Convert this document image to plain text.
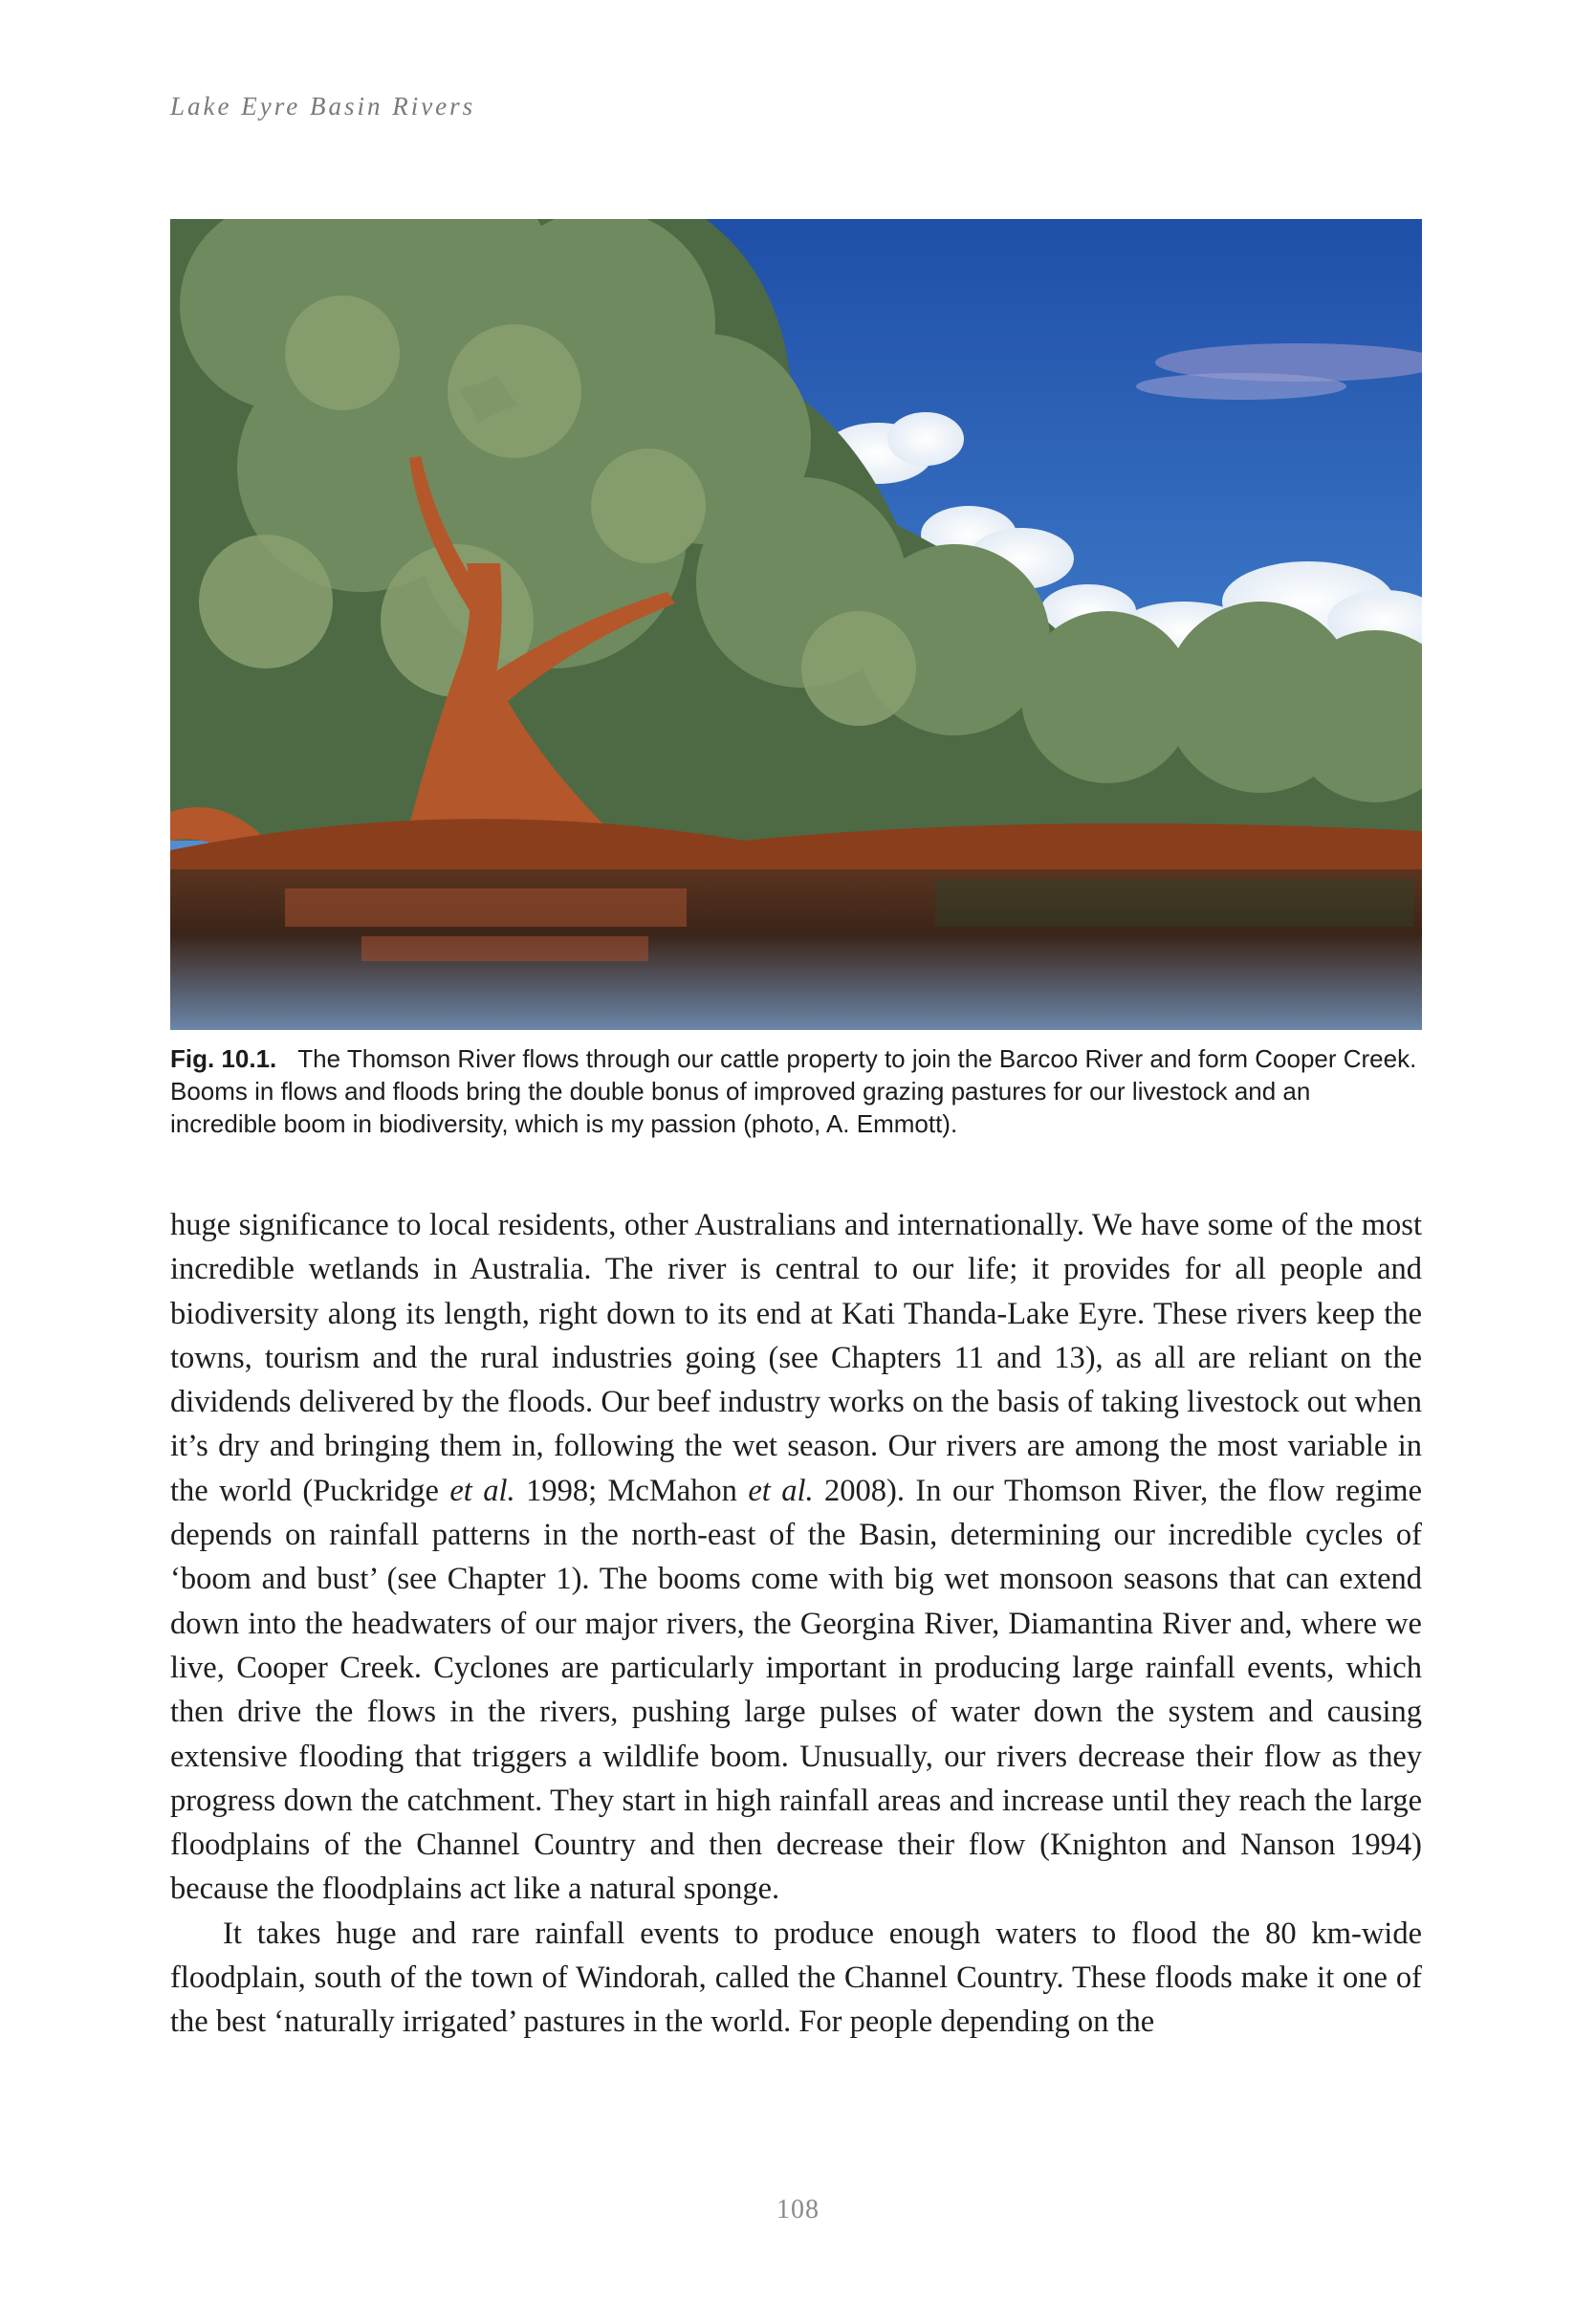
Lake Eyre Basin Rivers
Fig. 10.1. The Thomson River flows through our cattle property to join the Barcoo River and form Cooper Creek. Booms in flows and floods bring the double bonus of improved grazing pastures for our livestock and an incredible boom in biodiversity, which is my passion (photo, A. Emmott).

huge significance to local residents, other Australians and internationally. We have some of the most incredible wetlands in Australia. The river is central to our life; it provides for all people and biodiversity along its length, right down to its end at Kati Thanda-Lake Eyre. These rivers keep the towns, tourism and the rural industries going (see Chapters 11 and 13), as all are reliant on the dividends delivered by the floods. Our beef industry works on the basis of taking livestock out when it’s dry and bringing them in, following the wet season. Our rivers are among the most variable in the world (Puckridge et al. 1998; McMahon et al. 2008). In our Thomson River, the flow regime depends on rainfall patterns in the north-east of the Basin, determining our incredible cycles of ‘boom and bust’ (see Chapter 1). The booms come with big wet monsoon seasons that can extend down into the headwaters of our major rivers, the Georgina River, Diamantina River and, where we live, Cooper Creek. Cyclones are particularly important in producing large rainfall events, which then drive the flows in the rivers, pushing large pulses of water down the system and causing extensive flooding that triggers a wildlife boom. Unusually, our rivers decrease their flow as they progress down the catchment. They start in high rainfall areas and increase until they reach the large floodplains of the Channel Country and then decrease their flow (Knighton and Nanson 1994) because the floodplains act like a natural sponge.

It takes huge and rare rainfall events to produce enough waters to flood the 80 km-wide floodplain, south of the town of Windorah, called the Channel Country. These floods make it one of the best ‘naturally irrigated’ pastures in the world. For people depending on the

108
